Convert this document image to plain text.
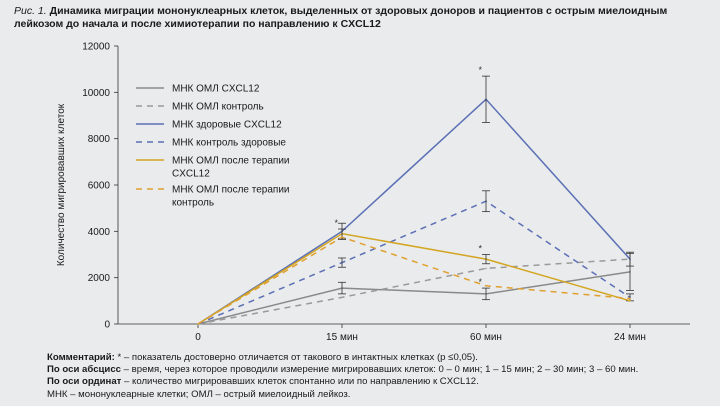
Рис. 1. Динамика миграции мононуклеарных клеток, выделенных от здоровых доноров и пациентов с острым миелоидным лейкозом до начала и после химиотерапии по направлению к CXCL12
0
2000
4000
6000
8000
10000
12000
0	15 мин	60 мин	24 мин
Количество мигрировавших клеток
*
*
*
*
МНК ОМЛ CXCL12
МНК ОМЛ контроль
МНК здоровые CXCL12
МНК контроль здоровые
МНК ОМЛ после терапии
CXCL12
МНК ОМЛ после терапии
контроль
Комментарий: * – показатель достоверно отличается от такового в интактных клетках (p ≤0,05).
По оси абсцисс – время, через которое проводили измерение мигрировавших клеток: 0 – 0 мин; 1 – 15 мин; 2 – 30 мин; 3 – 60 мин.
По оси ординат – количество мигрировавших клеток спонтанно или по направлению к CXCL12.
МНК – мононуклеарные клетки; ОМЛ – острый миелоидный лейкоз.
